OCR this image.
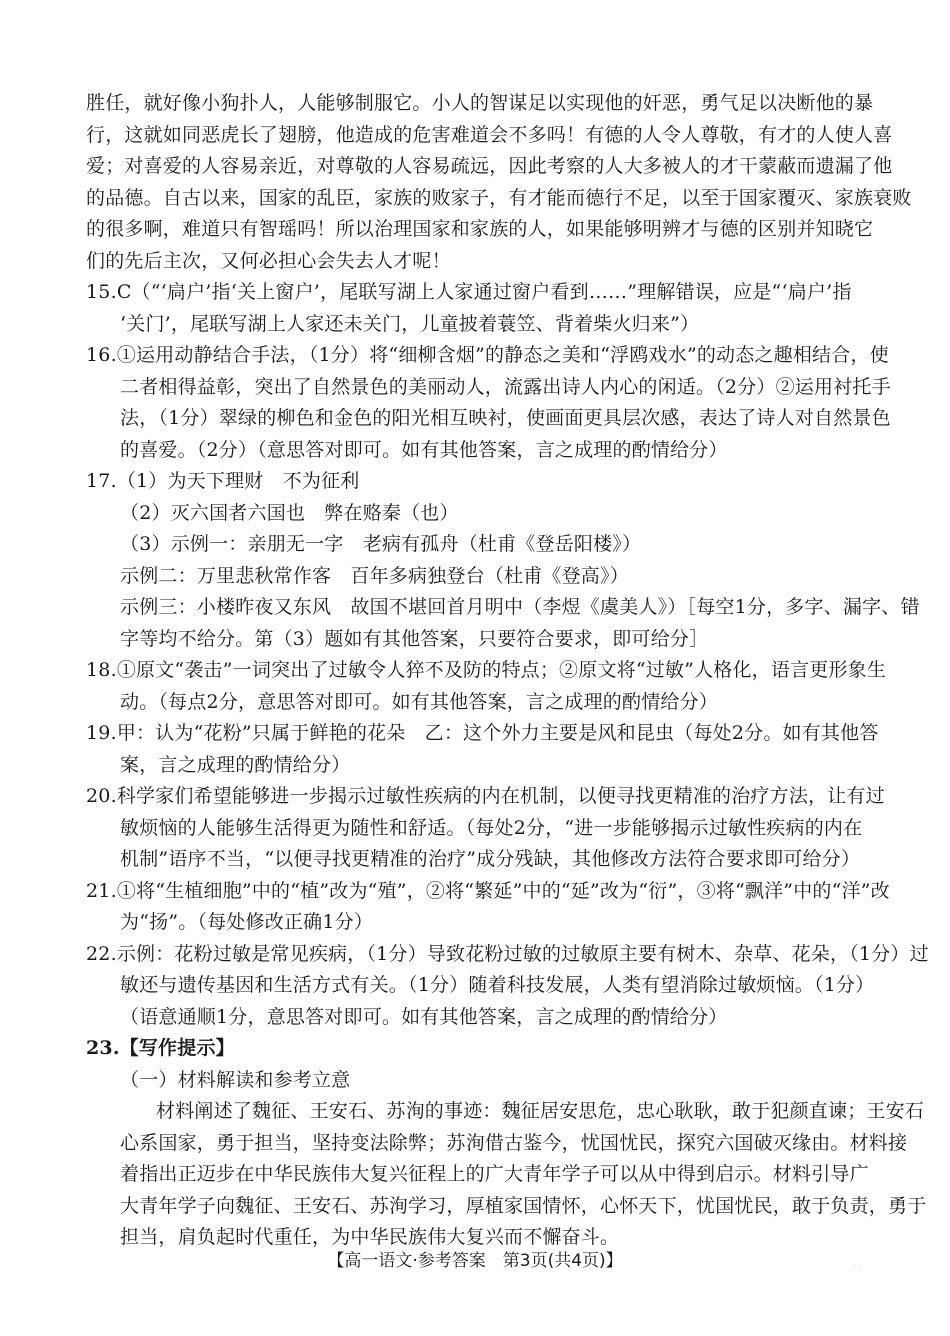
胜任，就好像小狗扑人，人能够制服它。小人的智谋足以实现他的奸恶，勇气足以决断他的暴
行，这就如同恶虎长了翅膀，他造成的危害难道会不多吗！有德的人令人尊敬，有才的人使人喜
爱；对喜爱的人容易亲近，对尊敬的人容易疏远，因此考察的人大多被人的才干蒙蔽而遗漏了他
的品德。自古以来，国家的乱臣，家族的败家子，有才能而德行不足，以至于国家覆灭、家族衰败
的很多啊，难道只有智瑶吗！所以治理国家和家族的人，如果能够明辨才与德的区别并知晓它
们的先后主次，又何必担心会失去人才呢！
15.C（“‘扃户’指‘关上窗户’，尾联写湖上人家通过窗户看到……”理解错误，应是“‘扃户’指
‘关门’，尾联写湖上人家还未关门，儿童披着蓑笠、背着柴火归来”）
16.①运用动静结合手法，（1分）将“细柳含烟”的静态之美和“浮鸥戏水”的动态之趣相结合，使
二者相得益彰，突出了自然景色的美丽动人，流露出诗人内心的闲适。（2分）②运用衬托手
法，（1分）翠绿的柳色和金色的阳光相互映衬，使画面更具层次感，表达了诗人对自然景色
的喜爱。（2分）（意思答对即可。如有其他答案，言之成理的酌情给分）
17.（1）为天下理财　不为征利
（2）灭六国者六国也　弊在赂秦（也）
（3）示例一：亲朋无一字　老病有孤舟（杜甫《登岳阳楼》）
示例二：万里悲秋常作客　百年多病独登台（杜甫《登高》）
示例三：小楼昨夜又东风　故国不堪回首月明中（李煜《虞美人》）［每空1分，多字、漏字、错
字等均不给分。第（3）题如有其他答案，只要符合要求，即可给分］
18.①原文“袭击”一词突出了过敏令人猝不及防的特点；②原文将“过敏”人格化，语言更形象生
动。（每点2分，意思答对即可。如有其他答案，言之成理的酌情给分）
19.甲：认为“花粉”只属于鲜艳的花朵　乙：这个外力主要是风和昆虫（每处2分。如有其他答
案，言之成理的酌情给分）
20.科学家们希望能够进一步揭示过敏性疾病的内在机制，以便寻找更精准的治疗方法，让有过
敏烦恼的人能够生活得更为随性和舒适。（每处2分，“进一步能够揭示过敏性疾病的内在
机制”语序不当，“以便寻找更精准的治疗”成分残缺，其他修改方法符合要求即可给分）
21.①将“生植细胞”中的“植”改为“殖”，②将“繁延”中的“延”改为“衍”，③将“飘洋”中的“洋”改
为“扬”。（每处修改正确1分）
22.示例：花粉过敏是常见疾病，（1分）导致花粉过敏的过敏原主要有树木、杂草、花朵，（1分）过
敏还与遗传基因和生活方式有关。（1分）随着科技发展，人类有望消除过敏烦恼。（1分）
（语意通顺1分，意思答对即可。如有其他答案，言之成理的酌情给分）
23.【写作提示】
（一）材料解读和参考立意
材料阐述了魏征、王安石、苏洵的事迹：魏征居安思危，忠心耿耿，敢于犯颜直谏；王安石
心系国家，勇于担当，坚持变法除弊；苏洵借古鉴今，忧国忧民，探究六国破灭缘由。材料接
着指出正迈步在中华民族伟大复兴征程上的广大青年学子可以从中得到启示。材料引导广
大青年学子向魏征、王安石、苏洵学习，厚植家国情怀，心怀天下，忧国忧民，敢于负责，勇于
担当，肩负起时代重任，为中华民族伟大复兴而不懈奋斗。
【高一语文·参考答案　第3页(共4页)】	· ·
